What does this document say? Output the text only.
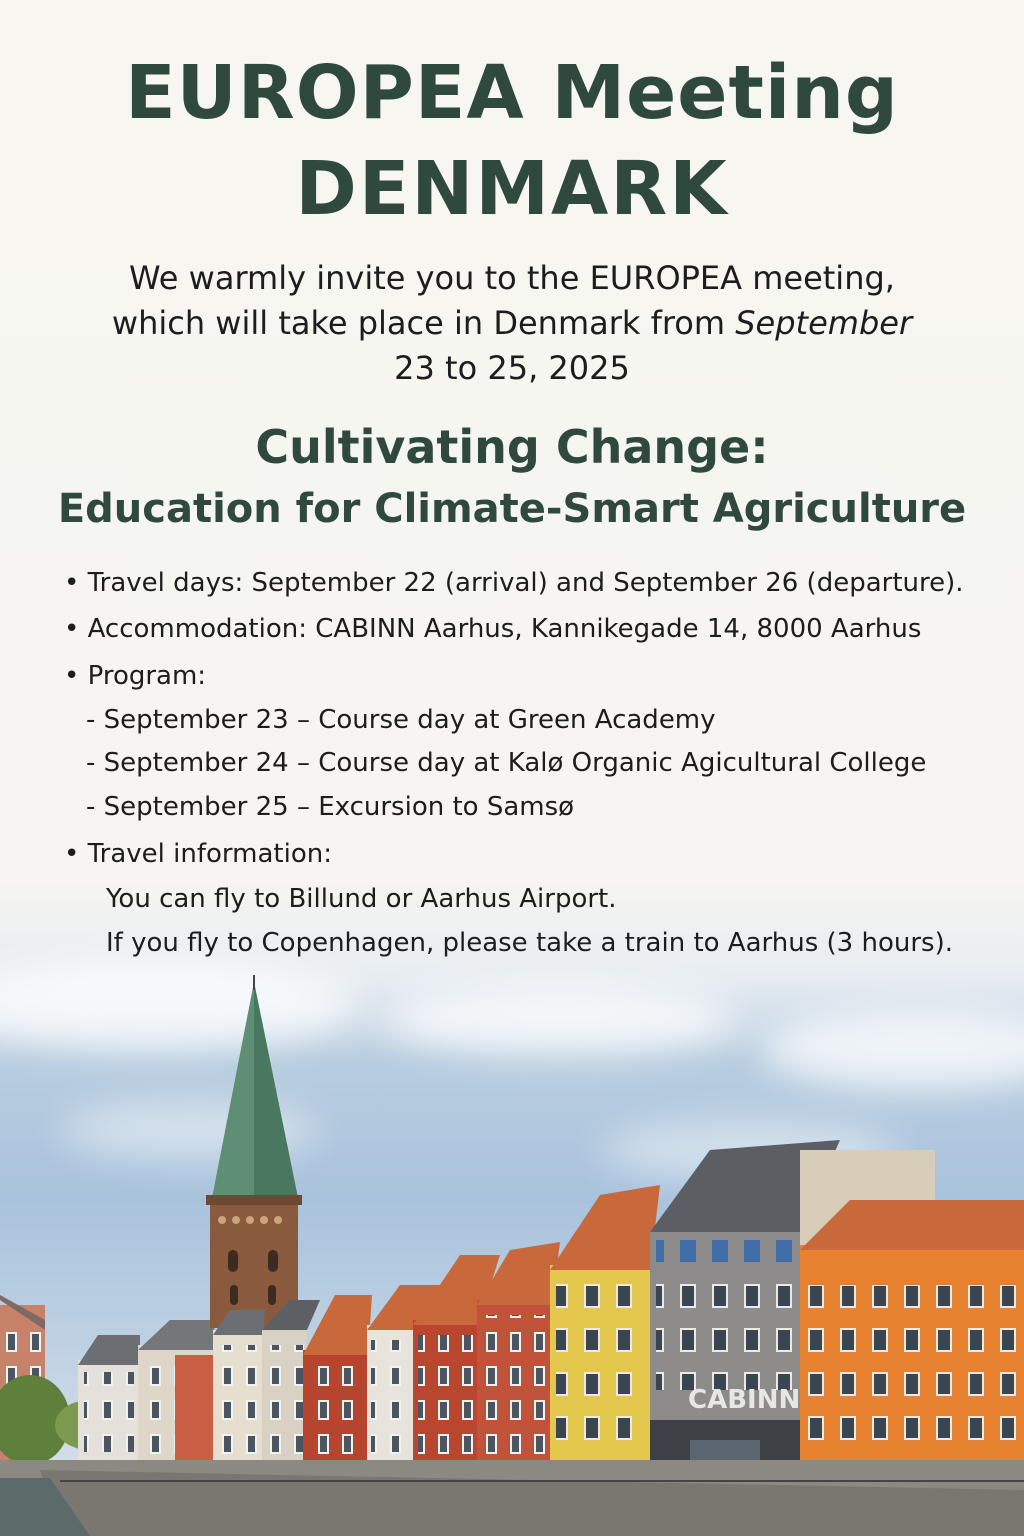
EUROPEA Meeting
DENMARK
We warmly invite you to the EUROPEA meeting,
which will take place in Denmark from September
23 to 25, 2025
Cultivating Change:
Education for Climate-Smart Agriculture
• Travel days: September 22 (arrival) and September 26 (departure).
• Accommodation: CABINN Aarhus, Kannikegade 14, 8000 Aarhus
• Program:
- September 23 – Course day at Green Academy
- September 24 – Course day at Kalø Organic Agicultural College
- September 25 – Excursion to Samsø
• Travel information:
You can fly to Billund or Aarhus Airport.
If you fly to Copenhagen, please take a train to Aarhus (3 hours).
CABINN
